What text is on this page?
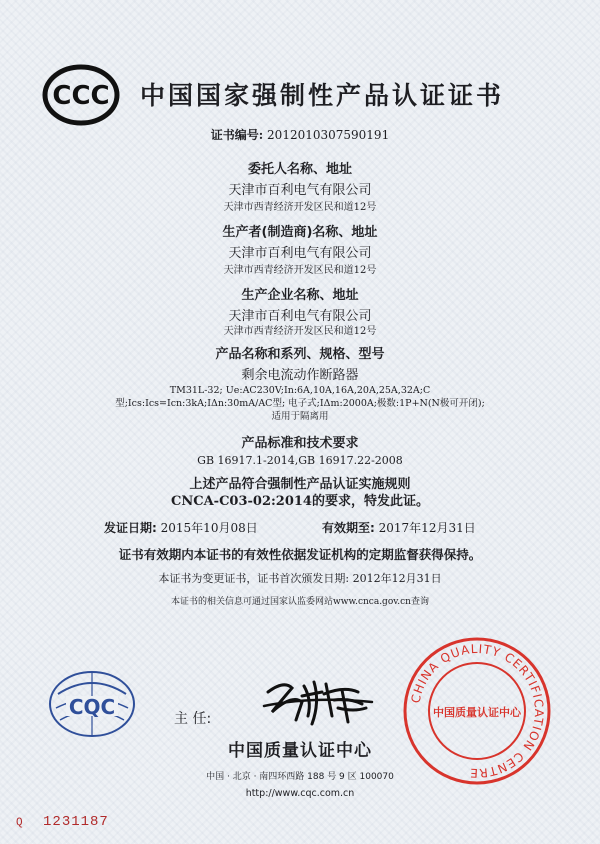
CCC 中国国家强制性产品认证证书
证书编号: 2012010307590191
委托人名称、地址
天津市百利电气有限公司
天津市西青经济开发区民和道12号
生产者(制造商)名称、地址
天津市百利电气有限公司
天津市西青经济开发区民和道12号
生产企业名称、地址
天津市百利电气有限公司
天津市西青经济开发区民和道12号
产品名称和系列、规格、型号
剩余电流动作断路器
TM31L-32; Ue:AC230V;In:6A,10A,16A,20A,25A,32A;C
型;Ics:Ics=Icn:3kA;IΔn:30mA/AC型; 电子式;IΔm:2000A;极数:1P+N(N极可开闭);
适用于隔离用
产品标准和技术要求
GB 16917.1-2014,GB 16917.22-2008
上述产品符合强制性产品认证实施规则
CNCA-C03-02:2014的要求，特发此证。
发证日期: 2015年10月08日	有效期至: 2017年12月31日
证书有效期内本证书的有效性依据发证机构的定期监督获得保持。
本证书为变更证书，证书首次颁发日期: 2012年12月31日
本证书的相关信息可通过国家认监委网站www.cnca.gov.cn查询
CQC	主 任:
中国质量认证中心
中国 · 北京 · 南四环西路 188 号 9 区 100070
http://www.cqc.com.cn
CHINA QUALITY CERTIFICATION CENTRE
中国质量认证中心
Q 1231187
